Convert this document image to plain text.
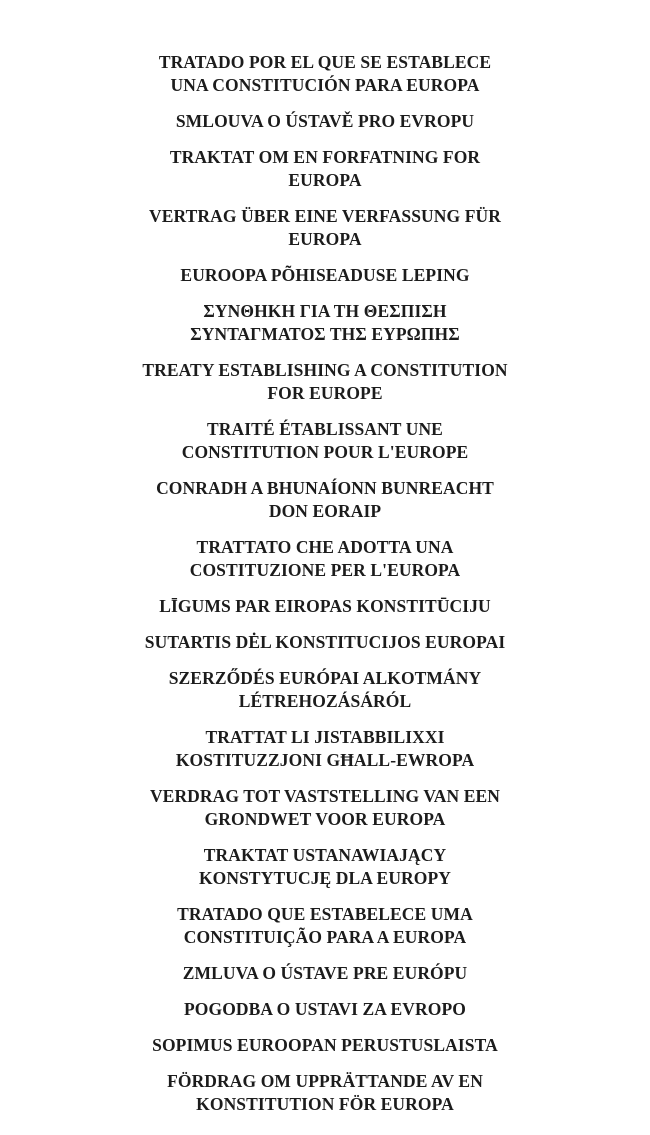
TRATADO POR EL QUE SE ESTABLECE
UNA CONSTITUCIÓN PARA EUROPA
SMLOUVA O ÚSTAVĚ PRO EVROPU
TRAKTAT OM EN FORFATNING FOR
EUROPA
VERTRAG ÜBER EINE VERFASSUNG FÜR
EUROPA
EUROOPA PÕHISEADUSE LEPING
ΣΥΝΘΗΚΗ ΓΙΑ ΤΗ ΘΕΣΠΙΣΗ
ΣΥΝΤΑΓΜΑΤΟΣ ΤΗΣ ΕΥΡΩΠΗΣ
TREATY ESTABLISHING A CONSTITUTION
FOR EUROPE
TRAITÉ ÉTABLISSANT UNE
CONSTITUTION POUR L'EUROPE
CONRADH A BHUNAÍONN BUNREACHT
DON EORAIP
TRATTATO CHE ADOTTA UNA
COSTITUZIONE PER L'EUROPA
LĪGUMS PAR EIROPAS KONSTITŪCIJU
SUTARTIS DĖL KONSTITUCIJOS EUROPAI
SZERZŐDÉS EURÓPAI ALKOTMÁNY
LÉTREHOZÁSÁRÓL
TRATTAT LI JISTABBILIXXI
KOSTITUZZJONI GĦALL-EWROPA
VERDRAG TOT VASTSTELLING VAN EEN
GRONDWET VOOR EUROPA
TRAKTAT USTANAWIAJĄCY
KONSTYTUCJĘ DLA EUROPY
TRATADO QUE ESTABELECE UMA
CONSTITUIÇÃO PARA A EUROPA
ZMLUVA O ÚSTAVE PRE EURÓPU
POGODBA O USTAVI ZA EVROPO
SOPIMUS EUROOPAN PERUSTUSLAISTA
FÖRDRAG OM UPPRÄTTANDE AV EN
KONSTITUTION FÖR EUROPA
